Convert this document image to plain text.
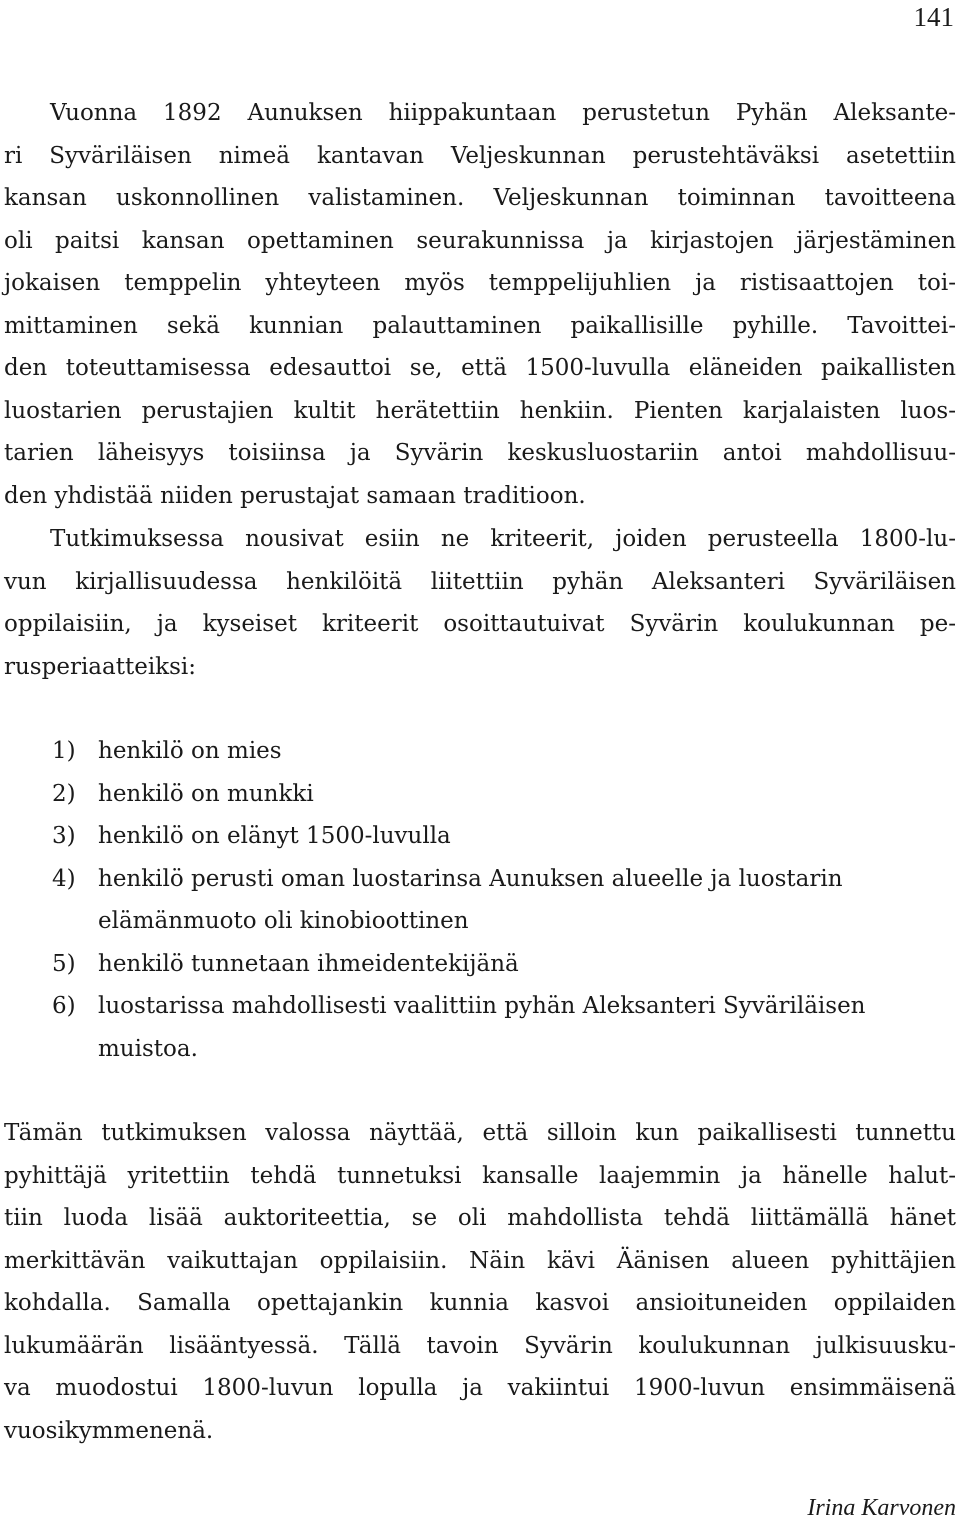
141
Vuonna 1892 Aunuksen hiippakuntaan perustetun Pyhän Aleksante-
ri Syväriläisen nimeä kantavan Veljeskunnan perustehtäväksi asetettiin
kansan uskonnollinen valistaminen. Veljeskunnan toiminnan tavoitteena
oli paitsi kansan opettaminen seurakunnissa ja kirjastojen järjestäminen
jokaisen temppelin yhteyteen myös temppelijuhlien ja ristisaattojen toi-
mittaminen sekä kunnian palauttaminen paikallisille pyhille. Tavoittei-
den toteuttamisessa edesauttoi se, että 1500-luvulla eläneiden paikallisten
luostarien perustajien kultit herätettiin henkiin. Pienten karjalaisten luos-
tarien läheisyys toisiinsa ja Syvärin keskusluostariin antoi mahdollisuu-
den yhdistää niiden perustajat samaan traditioon.
Tutkimuksessa nousivat esiin ne kriteerit, joiden perusteella 1800-lu-
vun kirjallisuudessa henkilöitä liitettiin pyhän Aleksanteri Syväriläisen
oppilaisiin, ja kyseiset kriteerit osoittautuivat Syvärin koulukunnan pe-
rusperiaatteiksi:
1) henkilö on mies
2) henkilö on munkki
3) henkilö on elänyt 1500-luvulla
4) henkilö perusti oman luostarinsa Aunuksen alueelle ja luostarin elämänmuoto oli kinobioottinen
5) henkilö tunnetaan ihmeidentekijänä
6) luostarissa mahdollisesti vaalittiin pyhän Aleksanteri Syväriläisen muistoa.
Tämän tutkimuksen valossa näyttää, että silloin kun paikallisesti tunnettu
pyhittäjä yritettiin tehdä tunnetuksi kansalle laajemmin ja hänelle halut-
tiin luoda lisää auktoriteettia, se oli mahdollista tehdä liittämällä hänet
merkittävän vaikuttajan oppilaisiin. Näin kävi Äänisen alueen pyhittäjien
kohdalla. Samalla opettajankin kunnia kasvoi ansioituneiden oppilaiden
lukumäärän lisääntyessä. Tällä tavoin Syvärin koulukunnan julkisuusku-
va muodostui 1800-luvun lopulla ja vakiintui 1900-luvun ensimmäisenä
vuosikymmenenä.
Irina Karvonen
